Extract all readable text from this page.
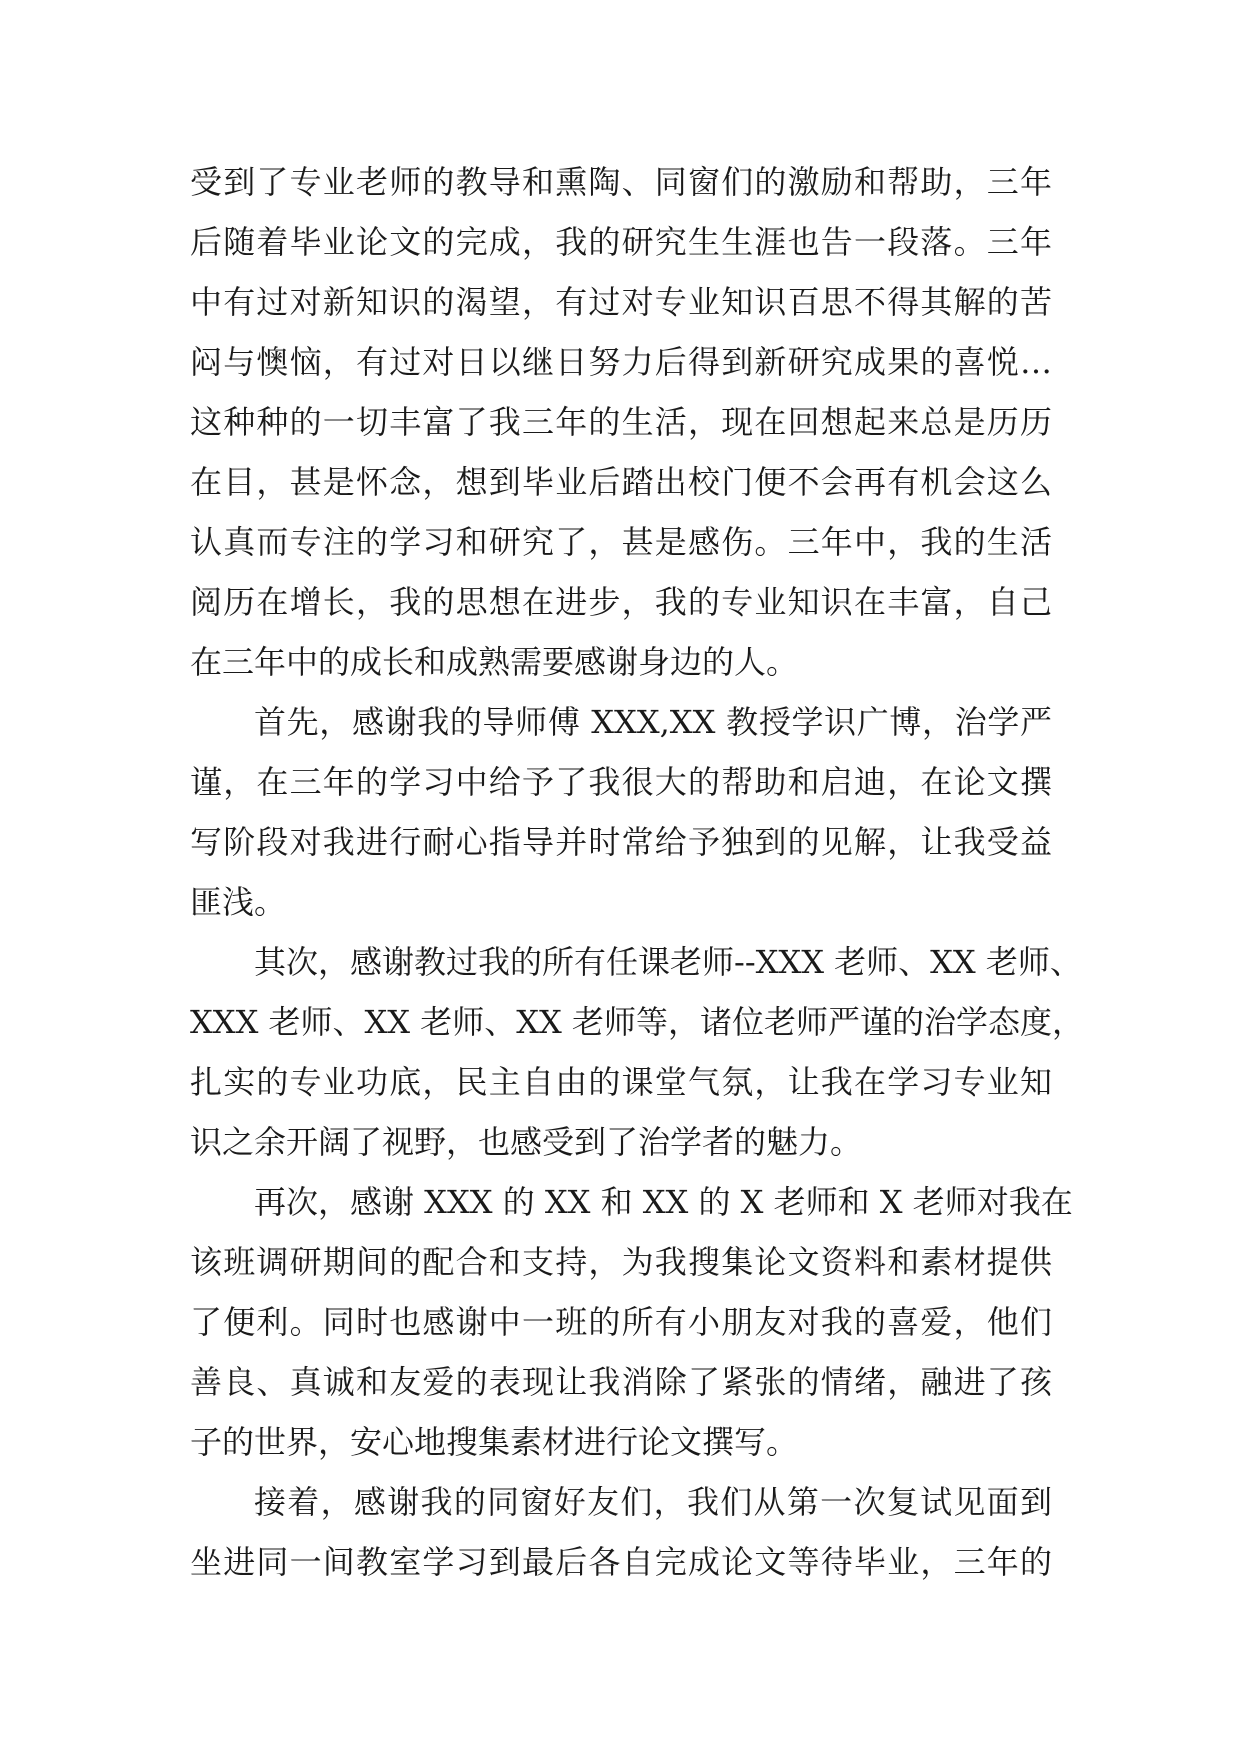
受到了专业老师的教导和熏陶、同窗们的激励和帮助，三年
后随着毕业论文的完成，我的研究生生涯也告一段落。三年
中有过对新知识的渴望，有过对专业知识百思不得其解的苦
闷与懊恼，有过对日以继日努力后得到新研究成果的喜悦…
这种种的一切丰富了我三年的生活，现在回想起来总是历历
在目，甚是怀念，想到毕业后踏出校门便不会再有机会这么
认真而专注的学习和研究了，甚是感伤。三年中，我的生活
阅历在增长，我的思想在进步，我的专业知识在丰富，自己
在三年中的成长和成熟需要感谢身边的人。
首先，感谢我的导师傅 XXX,XX 教授学识广博，治学严
谨，在三年的学习中给予了我很大的帮助和启迪，在论文撰
写阶段对我进行耐心指导并时常给予独到的见解，让我受益
匪浅。
其次，感谢教过我的所有任课老师--XXX 老师、XX 老师、
XXX 老师、XX 老师、XX 老师等，诸位老师严谨的治学态度，
扎实的专业功底，民主自由的课堂气氛，让我在学习专业知
识之余开阔了视野，也感受到了治学者的魅力。
再次，感谢 XXX 的 XX 和 XX 的 X 老师和 X 老师对我在
该班调研期间的配合和支持，为我搜集论文资料和素材提供
了便利。同时也感谢中一班的所有小朋友对我的喜爱，他们
善良、真诚和友爱的表现让我消除了紧张的情绪，融进了孩
子的世界，安心地搜集素材进行论文撰写。
接着，感谢我的同窗好友们，我们从第一次复试见面到
坐进同一间教室学习到最后各自完成论文等待毕业，三年的
